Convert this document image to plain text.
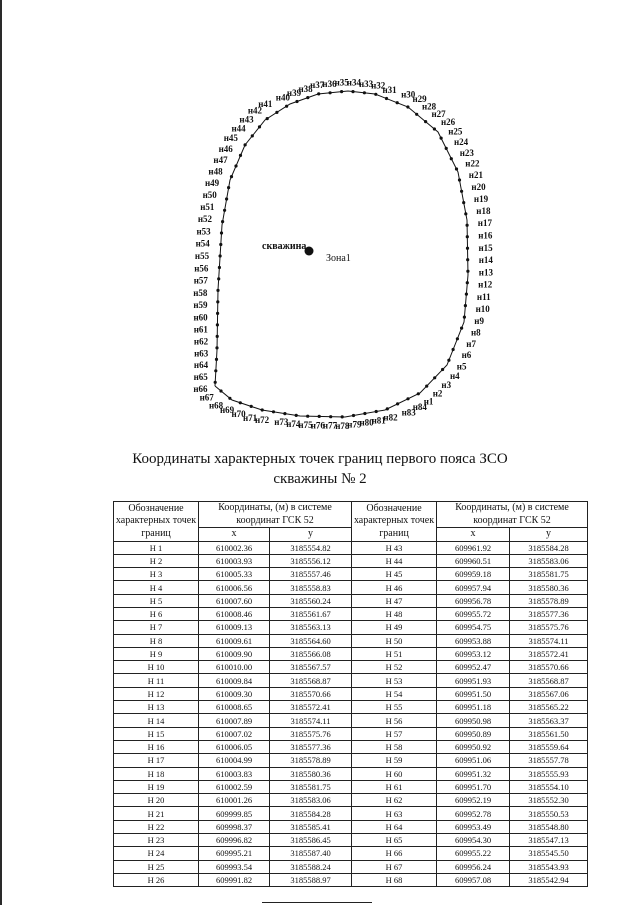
н1
н2
н3
н4
н5
н6
н7
н8
н9
н10
н11
н12
н13
н14
н15
н16
н17
н18
н19
н20
н21
н22
н23
н24
н25
н26
н27
н28
н29
н30
н31
н32
н33
н34
н35
н36
н37
н38
н39
н40
н41
н42
н43
н44
н45
н46
н47
н48
н49
н50
н51
н52
н53
н54
н55
н56
н57
н58
н59
н60
н61
н62
н63
н64
н65
н66
н67
н68
н69
н70
н71
н72 н73
н74
н75
н76
н77
н78
н79
н80
н81
н82
н83
н84
скважина
Зона1
Координаты характерных точек границ первого пояса ЗСО
скважины № 2
Обозначение характерных точек границ	Координаты, (м) в системе координат ГСК 52		Обозначение характерных точек границ	Координаты, (м) в системе координат ГСК 52	
	x	y		x	y
Н 1	610002.36	3185554.82	Н 43	609961.92	3185584.28
Н 2	610003.93	3185556.12	Н 44	609960.51	3185583.06
Н 3	610005.33	3185557.46	Н 45	609959.18	3185581.75
Н 4	610006.56	3185558.83	Н 46	609957.94	3185580.36
Н 5	610007.60	3185560.24	Н 47	609956.78	3185578.89
Н 6	610008.46	3185561.67	Н 48	609955.72	3185577.36
Н 7	610009.13	3185563.13	Н 49	609954.75	3185575.76
Н 8	610009.61	3185564.60	Н 50	609953.88	3185574.11
Н 9	610009.90	3185566.08	Н 51	609953.12	3185572.41
Н 10	610010.00	3185567.57	Н 52	609952.47	3185570.66
Н 11	610009.84	3185568.87	Н 53	609951.93	3185568.87
Н 12	610009.30	3185570.66	Н 54	609951.50	3185567.06
Н 13	610008.65	3185572.41	Н 55	609951.18	3185565.22
Н 14	610007.89	3185574.11	Н 56	609950.98	3185563.37
Н 15	610007.02	3185575.76	Н 57	609950.89	3185561.50
Н 16	610006.05	3185577.36	Н 58	609950.92	3185559.64
Н 17	610004.99	3185578.89	Н 59	609951.06	3185557.78
Н 18	610003.83	3185580.36	Н 60	609951.32	3185555.93
Н 19	610002.59	3185581.75	Н 61	609951.70	3185554.10
Н 20	610001.26	3185583.06	Н 62	609952.19	3185552.30
Н 21	609999.85	3185584.28	Н 63	609952.78	3185550.53
Н 22	609998.37	3185585.41	Н 64	609953.49	3185548.80
Н 23	609996.82	3185586.45	Н 65	609954.30	3185547.13
Н 24	609995.21	3185587.40	Н 66	609955.22	3185545.50
Н 25	609993.54	3185588.24	Н 67	609956.24	3185543.93
Н 26	609991.82	3185588.97	Н 68	609957.08	3185542.94
